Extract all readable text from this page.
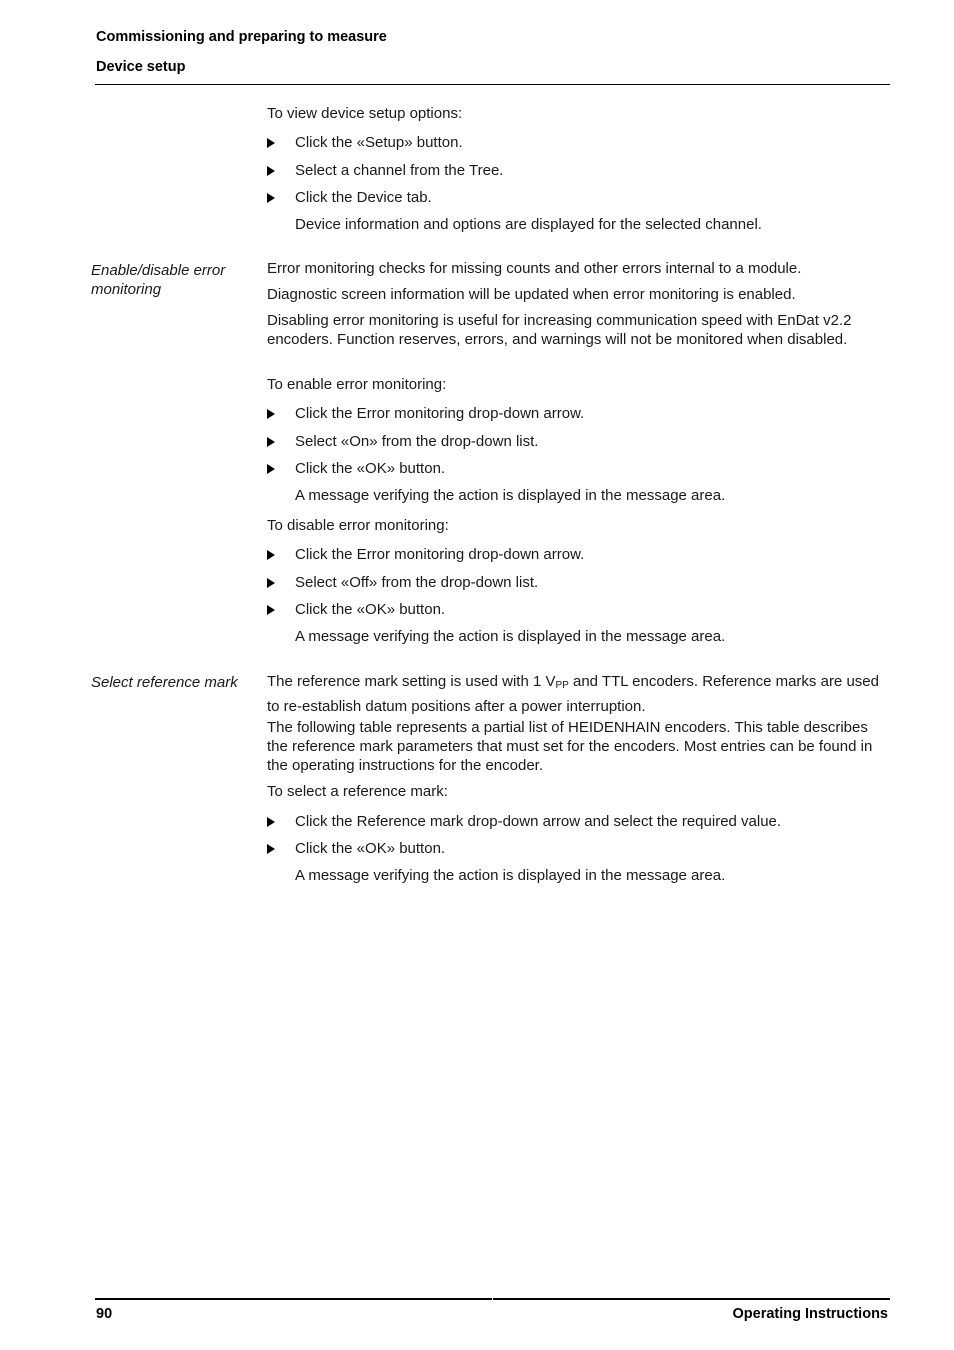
Commissioning and preparing to measure
Device setup
To view device setup options:
Click the «Setup» button.
Select a channel from the Tree.
Click the Device tab.
Device information and options are displayed for the selected channel.
Enable/disable error monitoring
Error monitoring checks for missing counts and other errors internal to a module.
Diagnostic screen information will be updated when error monitoring is enabled.
Disabling error monitoring is useful for increasing communication speed with EnDat v2.2 encoders. Function reserves, errors, and warnings will not be monitored when disabled.
To enable error monitoring:
Click the Error monitoring drop-down arrow.
Select «On» from the drop-down list.
Click the «OK» button.
A message verifying the action is displayed in the message area.
To disable error monitoring:
Click the Error monitoring drop-down arrow.
Select «Off» from the drop-down list.
Click the «OK» button.
A message verifying the action is displayed in the message area.
Select reference mark	The reference mark setting is used with 1 $V_{PP}$ and TTL encoders. Reference marks are used to re-establish datum positions after a power interruption.
The following table represents a partial list of HEIDENHAIN encoders. This table describes the reference mark parameters that must set for the encoders. Most entries can be found in the operating instructions for the encoder.
To select a reference mark:
Click the Reference mark drop-down arrow and select the required value.
Click the «OK» button.
A message verifying the action is displayed in the message area.
90	Operating Instructions
